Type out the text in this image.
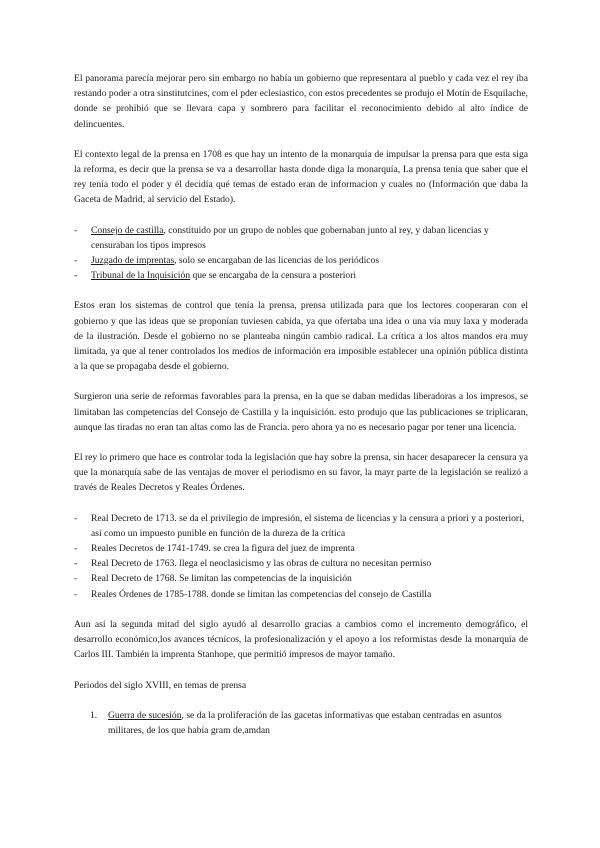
El panorama parecía mejorar pero sin embargo no había un gobierno que representara al pueblo y cada vez el rey iba restando poder a otra sinstitutcines, com el pder eclesiastico, con estos precedentes se produjo el Motín de Esquilache, donde se prohibió que se llevara capa y sombrero para facilitar el reconocimiento debido al alto índice de delincuentes.

El contexto legal de la prensa en 1708 es que hay un intento de la monarquia de impulsar la prensa para que esta siga la reforma, es decir que la prensa se va a desarrollar hasta donde diga la monarquía, La prensa tenía que saber que el rey tenía todo el poder y él decidía qué temas de estado eran de informacion y cuales no (Información que daba la Gaceta de Madrid, al servicio del Estado).

- Consejo de castilla, constituido por un grupo de nobles que gobernaban junto al rey, y daban licencias y censuraban los tipos impresos
- Juzgado de imprentas, solo se encargaban de las licencias de los periódicos
- Tribunal de la Inquisición que se encargaba de la censura a posteriori

Estos eran los sistemas de control que tenía la prensa, prensa utilizada para que los lectores cooperaran con el gobierno y que las ideas que se proponían tuviesen cabida, ya que ofertaba una idea o una vía muy laxa y moderada de la ilustración. Desde el gobierno no se planteaba ningún cambio radical. La crítica a los altos mandos era muy limitada, ya que al tener controlados los medios de información era imposible establecer una opinión pública distinta a la que se propagaba desde el gobierno.

Surgieron una serie de reformas favorables para la prensa, en la que se daban medidas liberadoras a los impresos, se limitaban las competencias del Consejo de Castilla y la inquisición. esto produjo que las publicaciones se triplicaran, aunque las tiradas no eran tan altas como las de Francia. pero ahora ya no es necesario pagar por tener una licencia.

El rey lo primero que hace es controlar toda la legislación que hay sobre la prensa, sin hacer desaparecer la censura ya que la monarquía sabe de las ventajas de mover el periodismo en su favor, la mayr parte de la legislación se realizó a través de Reales Decretos y Reales Órdenes.

- Real Decreto de 1713. se da el privilegio de impresión, el sistema de licencias y la censura a priori y a posteriori, así como un impuesto punible en función de la dureza de la crítica
- Reales Decretos de 1741-1749. se crea la figura del juez de imprenta
- Real Decreto de 1763. llega el neoclasicismo y las obras de cultura no necesitan permiso
- Real Decreto de 1768. Se limitan las competencias de la inquisición
- Reales Órdenes de 1785-1788. donde se limitan las competencias del consejo de Castilla

Aun así la segunda mitad del siglo ayudó al desarrollo gracias a cambios como el incremento demográfico, el desarrollo económico,los avances técnicos, la profesionalización y el apoyo a los reformistas desde la monarquía de Carlos III. También la imprenta Stanhope, que permitió impresos de mayor tamaño.

Periodos del siglo XVIII, en temas de prensa

1. Guerra de sucesión, se da la proliferación de las gacetas informativas que estaban centradas en asuntos militares, de los que había gram de,amdan
